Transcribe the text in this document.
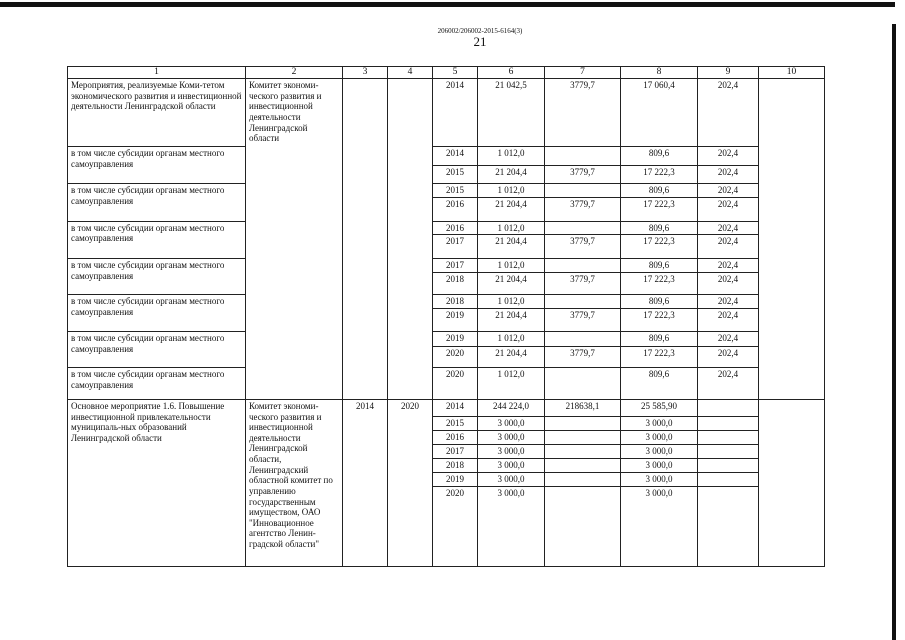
206002/206002-2015-6164(3)
21
1	2	3	4	5	6	7	8	9	10
Мероприятия, реализуемые Коми-тетом экономического развития и инвестиционной деятельности Ленинградской области	Комитет экономи-ческого развития и инвестиционной деятельности Ленинградской области			2014	21 042,5	3779,7	17 060,4	202,4	
в том числе субсидии органам местного самоуправления				2014	1 012,0		809,6	202,4	
				2015	21 204,4	3779,7	17 222,3	202,4	
в том числе субсидии органам местного самоуправления				2015	1 012,0		809,6	202,4	
				2016	21 204,4	3779,7	17 222,3	202,4	
в том числе субсидии органам местного самоуправления				2016	1 012,0		809,6	202,4	
				2017	21 204,4	3779,7	17 222,3	202,4	
в том числе субсидии органам местного самоуправления				2017	1 012,0		809,6	202,4	
				2018	21 204,4	3779,7	17 222,3	202,4	
в том числе субсидии органам местного самоуправления				2018	1 012,0		809,6	202,4	
				2019	21 204,4	3779,7	17 222,3	202,4	
в том числе субсидии органам местного самоуправления				2019	1 012,0		809,6	202,4	
				2020	21 204,4	3779,7	17 222,3	202,4	
в том числе субсидии органам местного самоуправления				2020	1 012,0		809,6	202,4	
Основное мероприятие 1.6. Повышение инвестиционной привлекательности муниципаль-ных образований Ленинградской области	Комитет экономи-ческого развития и инвестиционной деятельности Ленинградской области, Ленинградский областной комитет по управлению государственным имуществом, ОАО "Инновационное агентство Ленин-градской области"	2014	2020	2014	244 224,0	218638,1	25 585,90		
				2015	3 000,0		3 000,0		
				2016	3 000,0		3 000,0		
				2017	3 000,0		3 000,0		
				2018	3 000,0		3 000,0		
				2019	3 000,0		3 000,0		
				2020	3 000,0		3 000,0		
